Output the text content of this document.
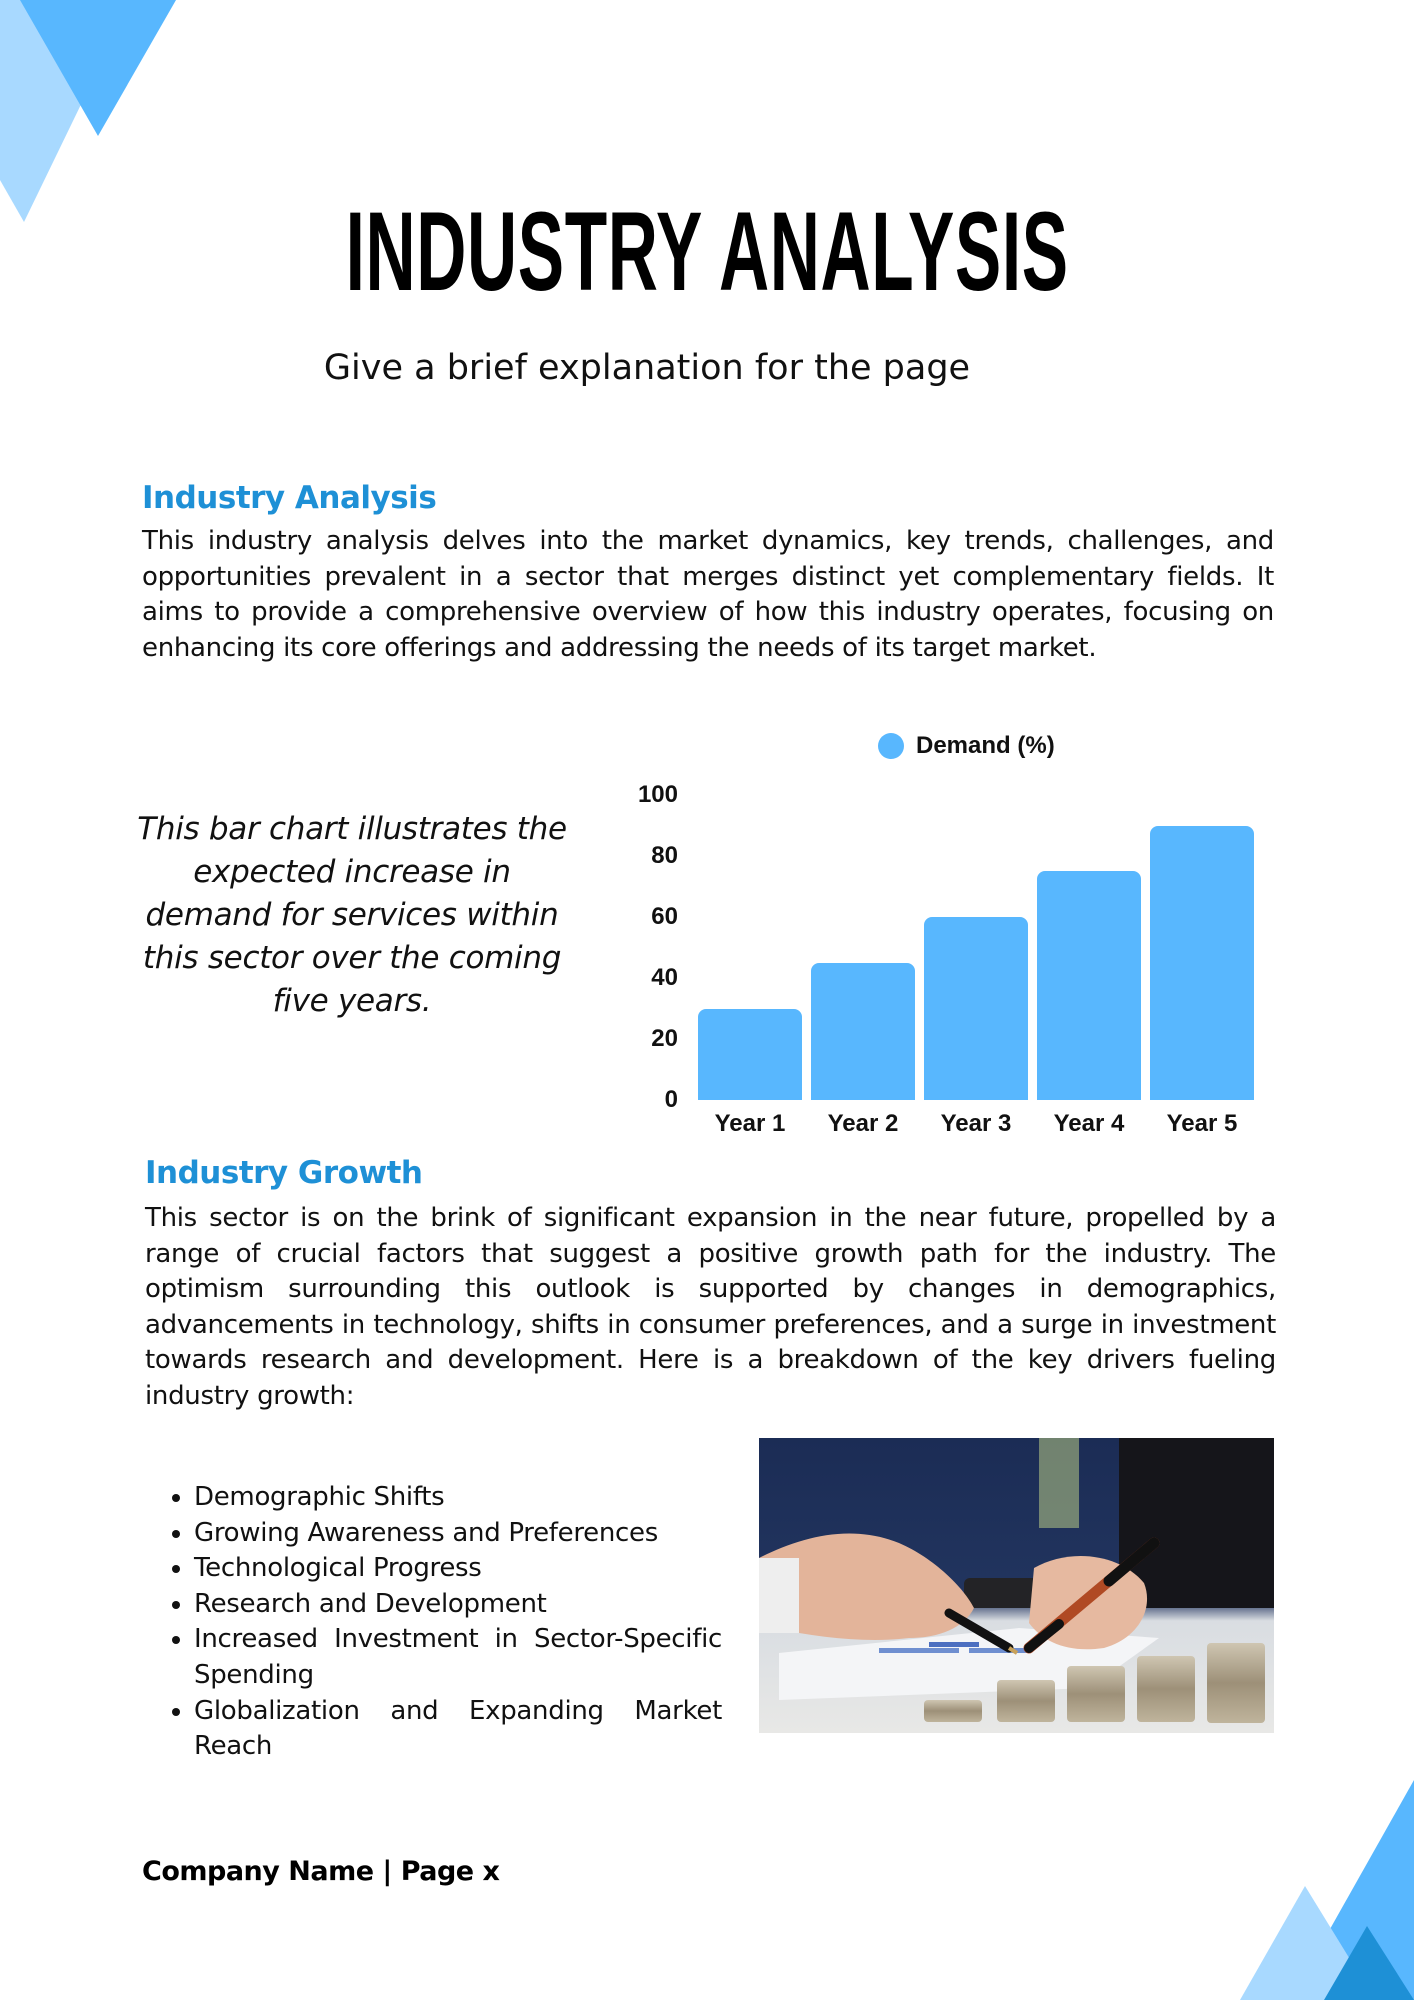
INDUSTRY ANALYSIS
Give a brief explanation for the page
Industry Analysis
This industry analysis delves into the market dynamics, key trends, challenges, and opportunities prevalent in a sector that merges distinct yet complementary fields. It aims to provide a comprehensive overview of how this industry operates, focusing on enhancing its core offerings and addressing the needs of its target market.
This bar chart illustrates the expected increase in demand for services within this sector over the coming five years.
Demand (%)
100
80
60
40
20
0
Year 1	Year 2	Year 3	Year 4	Year 5
Industry Growth
This sector is on the brink of significant expansion in the near future, propelled by a range of crucial factors that suggest a positive growth path for the industry. The optimism surrounding this outlook is supported by changes in demographics, advancements in technology, shifts in consumer preferences, and a surge in investment towards research and development. Here is a breakdown of the key drivers fueling industry growth:
• Demographic Shifts
• Growing Awareness and Preferences
• Technological Progress
• Research and Development
• Increased Investment in Sector-Specific Spending
• Globalization and Expanding Market Reach
Company Name | Page x
